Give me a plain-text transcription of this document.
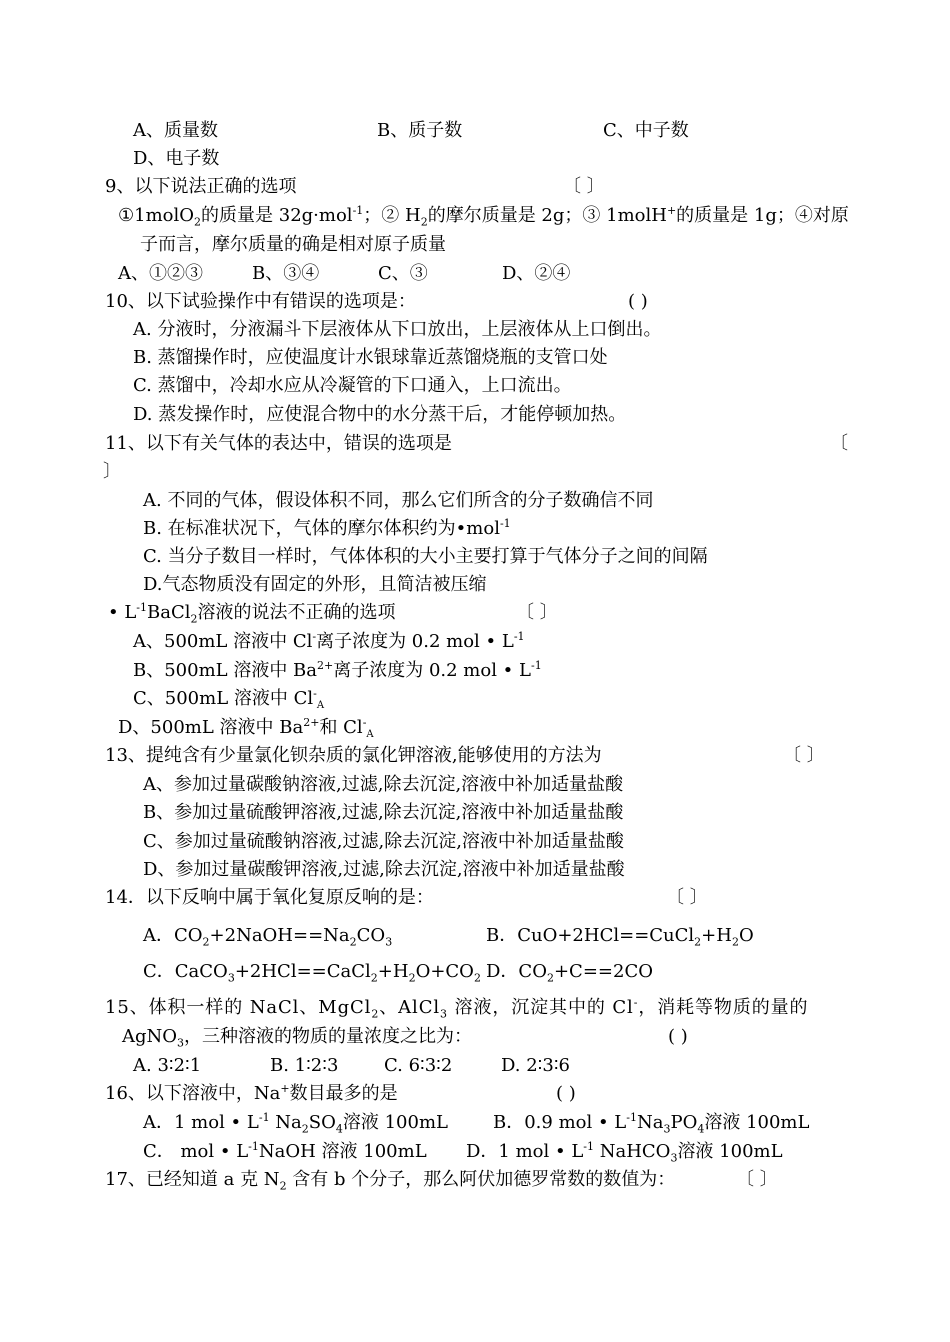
A、质量数	B、质子数	C、中子数
D、电子数
9、以下说法正确的选项	〔 〕
①1molO$_2$的质量是 32g·mol$^{-1}$；② $H_2$的摩尔质量是 2g；③ 1molH+的质量是 1g；④对原
子而言，摩尔质量的确是相对原子质量
A、①②③	B、③④	C、③	D、②④
10、以下试验操作中有错误的选项是：	( )
A. 分液时，分液漏斗下层液体从下口放出，上层液体从上口倒出。
B. 蒸馏操作时，应使温度计水银球靠近蒸馏烧瓶的支管口处
C. 蒸馏中，冷却水应从冷凝管的下口通入，上口流出。
D. 蒸发操作时，应使混合物中的水分蒸干后，才能停顿加热。
11、以下有关气体的表达中，错误的选项是	〔
〕
A. 不同的气体，假设体积不同，那么它们所含的分子数确信不同
B. 在标准状况下，气体的摩尔体积约为•mol$^{-1}$
C. 当分子数目一样时，气体体积的大小主要打算于气体分子之间的间隔
D.气态物质没有固定的外形，且简洁被压缩
• $L^{-1}BaCl_2$溶液的说法不正确的选项	〔 〕
A、500mL 溶液中 Cl-离子浓度为 0.2 mol • $L^{-1}$
B、500mL 溶液中 $Ba^{2+}$离子浓度为 0.2 mol • $L^{-1}$
C、500mL 溶液中 $Cl^-_A$
D、500mL 溶液中 $Ba^{2+}$和 $Cl^-_A$
13、提纯含有少量氯化钡杂质的氯化钾溶液,能够使用的方法为	〔 〕
A、参加过量碳酸钠溶液,过滤,除去沉淀,溶液中补加适量盐酸
B、参加过量硫酸钾溶液,过滤,除去沉淀,溶液中补加适量盐酸
C、参加过量硫酸钠溶液,过滤,除去沉淀,溶液中补加适量盐酸
D、参加过量碳酸钾溶液,过滤,除去沉淀,溶液中补加适量盐酸
14．以下反响中属于氧化复原反响的是：	〔 〕
A．$CO_2+2NaOH==Na_2CO_3$	B．$CuO+2HCl==CuCl_2+H_2O$
C．$CaCO_3+2HCl==CaCl_2+H_2O+CO_2$ D．$CO_2+C==2CO$
15、体积一样的 NaCl、MgCl$_2$、AlCl$_3$ 溶液，沉淀其中的 Cl-，消耗等物质的量的
AgNO$_3$，三种溶液的物质的量浓度之比为：	( )
A. 3∶2∶1	B. 1∶2∶3	C. 6∶3∶2	D. 2∶3∶6
16、以下溶液中，Na+数目最多的是	( )
A．1 mol • $L^{-1}$ $Na_2SO_4$溶液 100mL	B．0.9 mol • $L^{-1}Na_3PO_4$溶液 100mL
C． mol • $L^{-1}NaOH$ 溶液 100mL D．1 mol • $L^{-1}$ NaHCO$_3$溶液 100mL
17、已经知道 a 克 $N_2$ 含有 b 个分子，那么阿伏加德罗常数的数值为：	〔 〕
